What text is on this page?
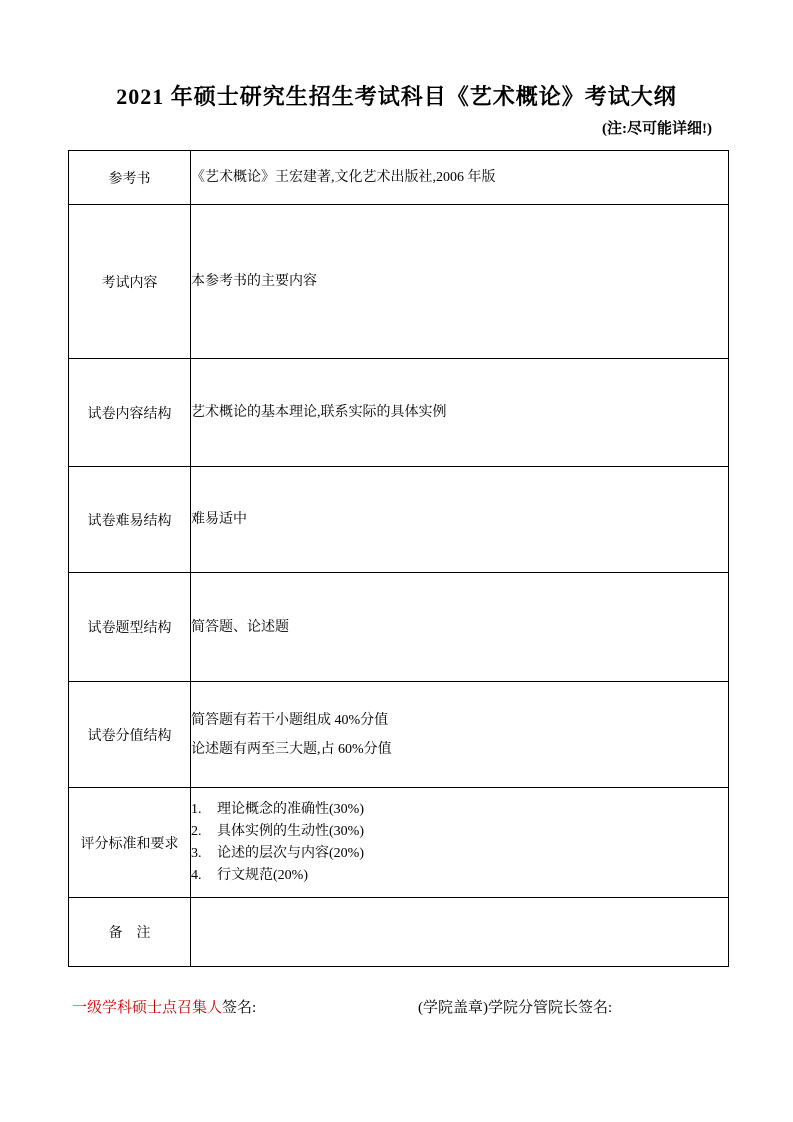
2021 年硕士研究生招生考试科目《艺术概论》考试大纲
(注:尽可能详细!)
参考书	《艺术概论》王宏建著,文化艺术出版社,2006 年版
考试内容	本参考书的主要内容
试卷内容结构	艺术概论的基本理论,联系实际的具体实例
试卷难易结构	难易适中
试卷题型结构	简答题、论述题
试卷分值结构	简答题有若干小题组成 40%分值
论述题有两至三大题,占 60%分值

评分标准和要求	1. 理论概念的准确性(30%)
2. 具体实例的生动性(30%)
3. 论述的层次与内容(20%)
4. 行文规范(20%)

备　注	
一级学科硕士点召集人签名:	(学院盖章)学院分管院长签名:
